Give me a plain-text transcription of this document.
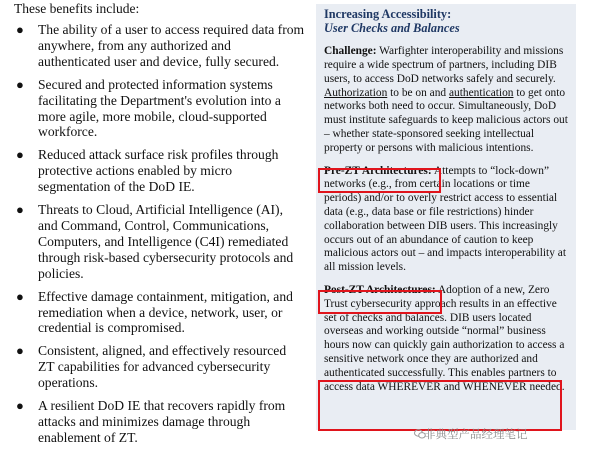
These benefits include:
● The ability of a user to access required data from anywhere, from any authorized and authenticated user and device, fully secured.
● Secured and protected information systems facilitating the Department's evolution into a more agile, more mobile, cloud-supported workforce.
● Reduced attack surface risk profiles through protective actions enabled by micro segmentation of the DoD IE.
● Threats to Cloud, Artificial Intelligence (AI), and Command, Control, Communications, Computers, and Intelligence (C4I) remediated through risk-based cybersecurity protocols and policies.
● Effective damage containment, mitigation, and remediation when a device, network, user, or credential is compromised.
● Consistent, aligned, and effectively resourced ZT capabilities for advanced cybersecurity operations.
● A resilient DoD IE that recovers rapidly from attacks and minimizes damage through enablement of ZT.
Increasing Accessibility:
User Checks and Balances

Challenge: Warfighter interoperability and missions require a wide spectrum of partners, including DIB users, to access DoD networks safely and securely. Authorization to be on and authentication to get onto networks both need to occur. Simultaneously, DoD must institute safeguards to keep malicious actors out – whether state-sponsored seeking intellectual property or persons with malicious intentions.

Pre-ZT Architectures: Attempts to “lock-down” networks (e.g., from certain locations or time periods) and/or to overly restrict access to essential data (e.g., data base or file restrictions) hinder collaboration between DIB users. This increasingly occurs out of an abundance of caution to keep malicious actors out – and impacts interoperability at all mission levels.

Post-ZT Architectures: Adoption of a new, Zero Trust cybersecurity approach results in an effective set of checks and balances. DIB users located overseas and working outside “normal” business hours now can quickly gain authorization to access a sensitive network once they are authorized and authenticated successfully. This enables partners to access data WHEREVER and WHENEVER needed.

非典型产品经理笔记
